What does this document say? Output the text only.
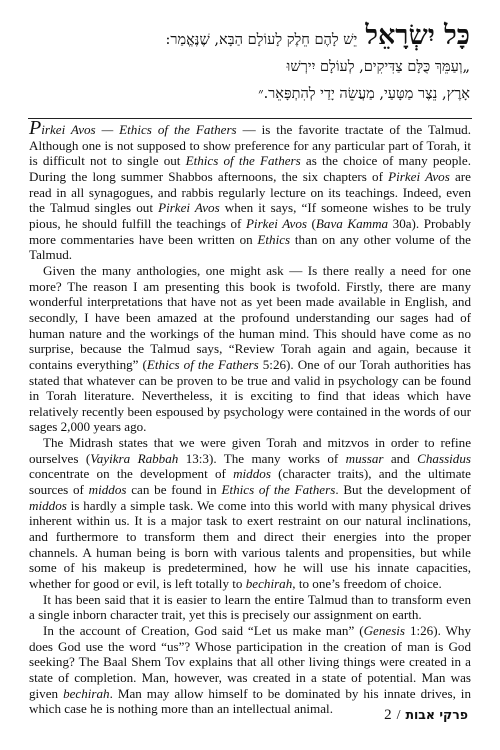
כָּל יִשְׂרָאֵליֵשׁ לָהֶם חֵלֶק לָעוֹלָם הַבָּא, שֶׁנֶּאֱמַר:
„וְעַמֵּךְ כֻּלָּם צַדִּיקִים, לְעוֹלָם יִירְשׁוּ
אָרֶץ, נֵצֶר מַטָּעַי, מַעֲשֵׂה יָדַי לְהִתְפָּאֵר.״

Pirkei Avos — Ethics of the Fathers — is the favorite tractate of the Talmud. Although one is not supposed to show preference for any particular part of Torah, it is difficult not to single out Ethics of the Fathers as the choice of many people. During the long summer Shabbos afternoons, the six chapters of Pirkei Avos are read in all synagogues, and rabbis regularly lecture on its teachings. Indeed, even the Talmud singles out Pirkei Avos when it says, “If someone wishes to be truly pious, he should fulfill the teachings of Pirkei Avos (Bava Kamma 30a). Probably more commentaries have been written on Ethics than on any other volume of the Talmud.

Given the many anthologies, one might ask — Is there really a need for one more? The reason I am presenting this book is twofold. Firstly, there are many wonderful interpretations that have not as yet been made available in English, and secondly, I have been amazed at the profound understanding our sages had of human nature and the workings of the human mind. This should have come as no surprise, because the Talmud says, “Review Torah again and again, because it contains everything” (Ethics of the Fathers 5:26). One of our Torah authorities has stated that whatever can be proven to be true and valid in psychology can be found in Torah literature. Nevertheless, it is exciting to find that ideas which have relatively recently been espoused by psychology were contained in the words of our sages 2,000 years ago.

The Midrash states that we were given Torah and mitzvos in order to refine ourselves (Vayikra Rabbah 13:3). The many works of mussar and Chassidus concentrate on the development of middos (character traits), and the ultimate sources of middos can be found in Ethics of the Fathers. But the development of middos is hardly a simple task. We come into this world with many physical drives inherent within us. It is a major task to exert restraint on our natural inclinations, and furthermore to transform them and direct their energies into the proper channels. A human being is born with various talents and propensities, but while some of his makeup is predetermined, how he will use his innate capacities, whether for good or evil, is left totally to bechirah, to one’s freedom of choice.

It has been said that it is easier to learn the entire Talmud than to transform even a single inborn character trait, yet this is precisely our assignment on earth.

In the account of Creation, God said “Let us make man” (Genesis 1:26). Why does God use the word “us”? Whose participation in the creation of man is God seeking? The Baal Shem Tov explains that all other living things were created in a state of completion. Man, however, was created in a state of potential. Man was given bechirah. Man may allow himself to be dominated by his innate drives, in which case he is nothing more than an intellectual animal.	פרקי אבות/2
